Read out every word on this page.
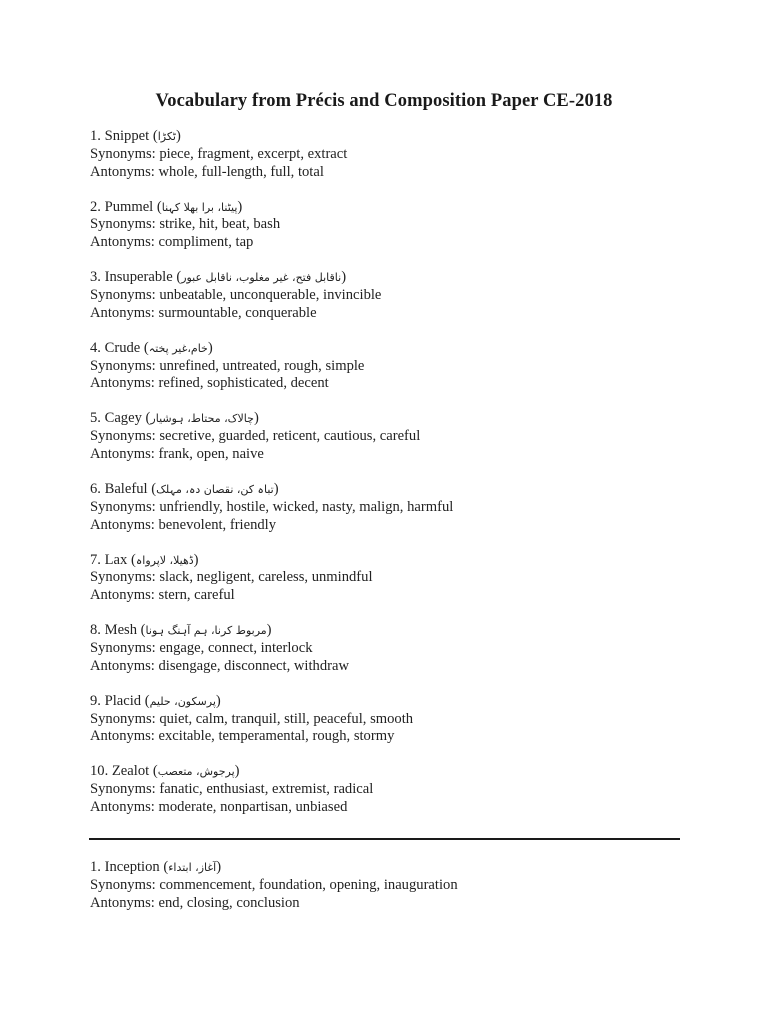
Vocabulary from Précis and Composition Paper CE-2018
1. Snippet (ٹکڑا)
Synonyms: piece, fragment, excerpt, extract
Antonyms: whole, full-length, full, total
2. Pummel (پیٹنا، برا بھلا کہنا)
Synonyms: strike, hit, beat, bash
Antonyms: compliment, tap
3. Insuperable (ناقابل فتح، غیر مغلوب، ناقابل عبور)
Synonyms: unbeatable, unconquerable, invincible
Antonyms: surmountable, conquerable
4. Crude (خام،غیر پختہ)
Synonyms: unrefined, untreated, rough, simple
Antonyms: refined, sophisticated, decent
5. Cagey (چالاک، محتاط، ہوشیار)
Synonyms: secretive, guarded, reticent, cautious, careful
Antonyms: frank, open, naive
6. Baleful (تباہ کن، نقصان دہ، مہلک)
Synonyms: unfriendly, hostile, wicked, nasty, malign, harmful
Antonyms: benevolent, friendly
7. Lax (ڈھیلا، لاپرواہ)
Synonyms: slack, negligent, careless, unmindful
Antonyms: stern, careful
8. Mesh (مربوط کرنا، ہم آہنگ ہونا)
Synonyms: engage, connect, interlock
Antonyms: disengage, disconnect, withdraw
9. Placid (پرسکون، حلیم)
Synonyms: quiet, calm, tranquil, still, peaceful, smooth
Antonyms: excitable, temperamental, rough, stormy
10. Zealot (پرجوش، متعصب)
Synonyms: fanatic, enthusiast, extremist, radical
Antonyms: moderate, nonpartisan, unbiased
1. Inception (آغاز، ابتداء)
Synonyms: commencement, foundation, opening, inauguration
Antonyms: end, closing, conclusion
